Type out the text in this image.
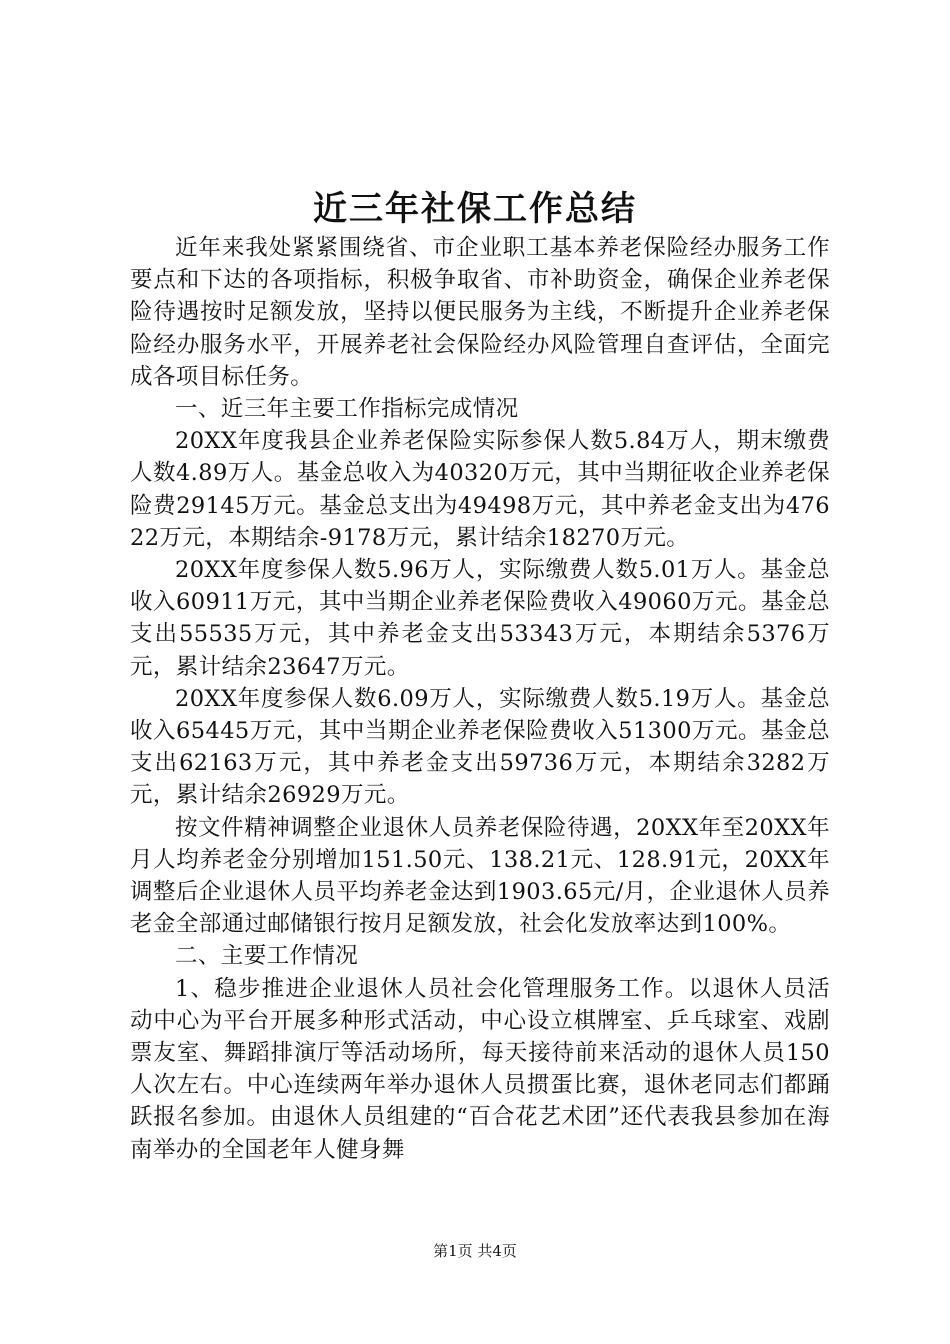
近三年社保工作总结

近年来我处紧紧围绕省、市企业职工基本养老保险经办服务工作要点和下达的各项指标，积极争取省、市补助资金，确保企业养老保险待遇按时足额发放，坚持以便民服务为主线，不断提升企业养老保险经办服务水平，开展养老社会保险经办风险管理自查评估，全面完成各项目标任务。

一、近三年主要工作指标完成情况

20XX年度我县企业养老保险实际参保人数5.84万人，期末缴费人数4.89万人。基金总收入为40320万元，其中当期征收企业养老保险费29145万元。基金总支出为49498万元，其中养老金支出为47622万元，本期结余-9178万元，累计结余18270万元。

20XX年度参保人数5.96万人，实际缴费人数5.01万人。基金总收入60911万元，其中当期企业养老保险费收入49060万元。基金总支出55535万元，其中养老金支出53343万元，本期结余5376万元，累计结余23647万元。

20XX年度参保人数6.09万人，实际缴费人数5.19万人。基金总收入65445万元，其中当期企业养老保险费收入51300万元。基金总支出62163万元，其中养老金支出59736万元，本期结余3282万元，累计结余26929万元。

按文件精神调整企业退休人员养老保险待遇，20XX年至20XX年月人均养老金分别增加151.50元、138.21元、128.91元，20XX年调整后企业退休人员平均养老金达到1903.65元/月，企业退休人员养老金全部通过邮储银行按月足额发放，社会化发放率达到100%。

二、主要工作情况

1、稳步推进企业退休人员社会化管理服务工作。以退休人员活动中心为平台开展多种形式活动，中心设立棋牌室、乒乓球室、戏剧票友室、舞蹈排演厅等活动场所，每天接待前来活动的退休人员150人次左右。中心连续两年举办退休人员掼蛋比赛，退休老同志们都踊跃报名参加。由退休人员组建的“百合花艺术团”还代表我县参加在海南举办的全国老年人健身舞

第1页 共4页
